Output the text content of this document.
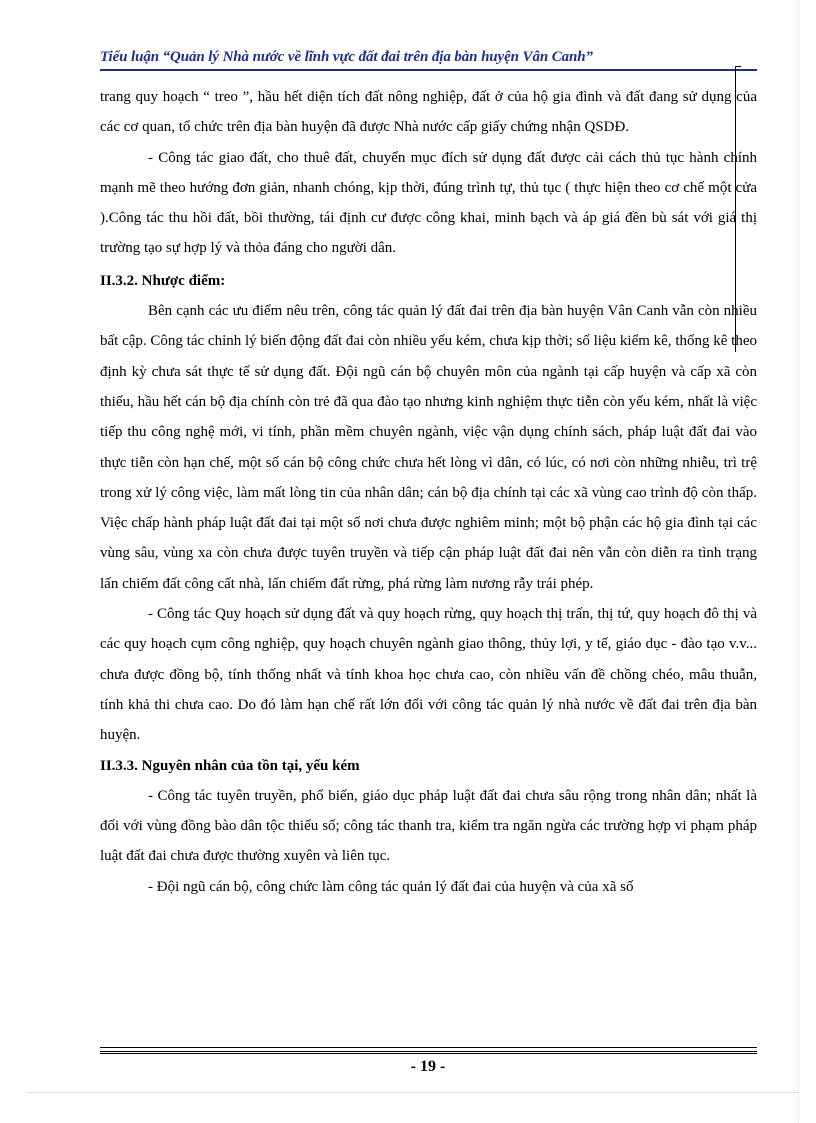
Tiểu luận “Quản lý Nhà nước về lĩnh vực đất đai trên địa bàn huyện Vân Canh”

trang quy hoạch “ treo ”, hầu hết diện tích đất nông nghiệp, đất ở của hộ gia đình và đất đang sử dụng của các cơ quan, tổ chức trên địa bàn huyện đã được Nhà nước cấp giấy chứng nhận QSDĐ.

- Công tác giao đất, cho thuê đất, chuyển mục đích sử dụng đất được cải cách thủ tục hành chính mạnh mẽ theo hướng đơn giản, nhanh chóng, kịp thời, đúng trình tự, thủ tục ( thực hiện theo cơ chế một cửa ).Công tác thu hồi đất, bồi thường, tái định cư được công khai, minh bạch và áp giá đền bù sát với giá thị trường tạo sự hợp lý và thỏa đáng cho người dân.

II.3.2. Nhược điểm:

Bên cạnh các ưu điểm nêu trên, công tác quản lý đất đai trên địa bàn huyện Vân Canh vẫn còn nhiều bất cập. Công tác chỉnh lý biến động đất đai còn nhiều yếu kém, chưa kịp thời; số liệu kiểm kê, thống kê theo định kỳ chưa sát thực tế sử dụng đất. Đội ngũ cán bộ chuyên môn của ngành tại cấp huyện và cấp xã còn thiếu, hầu hết cán bộ địa chính còn trẻ đã qua đào tạo nhưng kinh nghiệm thực tiễn còn yếu kém, nhất là việc tiếp thu công nghệ mới, vi tính, phần mềm chuyên ngành, việc vận dụng chính sách, pháp luật đất đai vào thực tiễn còn hạn chế, một số cán bộ công chức chưa hết lòng vì dân, có lúc, có nơi còn những nhiễu, trì trệ trong xử lý công việc, làm mất lòng tin của nhân dân; cán bộ địa chính tại các xã vùng cao trình độ còn thấp. Việc chấp hành pháp luật đất đai tại một số nơi chưa được nghiêm minh; một bộ phận các hộ gia đình tại các vùng sâu, vùng xa còn chưa được tuyên truyền và tiếp cận pháp luật đất đai nên vẫn còn diễn ra tình trạng lấn chiếm đất công cất nhà, lấn chiếm đất rừng, phá rừng làm nương rẫy trái phép.

- Công tác Quy hoạch sử dụng đất và quy hoạch rừng, quy hoạch thị trấn, thị tứ, quy hoạch đô thị và các quy hoạch cụm công nghiệp, quy hoạch chuyên ngành giao thông, thủy lợi, y tế, giáo dục - đào tạo v.v... chưa được đồng bộ, tính thống nhất và tính khoa học chưa cao, còn nhiều vấn đề chồng chéo, mâu thuẫn, tính khả thi chưa cao. Do đó làm hạn chế rất lớn đối với công tác quản lý nhà nước về đất đai trên địa bàn huyện.

II.3.3. Nguyên nhân của tồn tại, yếu kém

- Công tác tuyên truyền, phổ biến, giáo dục pháp luật đất đai chưa sâu rộng trong nhân dân; nhất là đối với vùng đồng bào dân tộc thiểu số; công tác thanh tra, kiểm tra ngăn ngừa các trường hợp vi phạm pháp luật đất đai chưa được thường xuyên và liên tục.

- Đội ngũ cán bộ, công chức làm công tác quản lý đất đai của huyện và của xã số

- 19 -
